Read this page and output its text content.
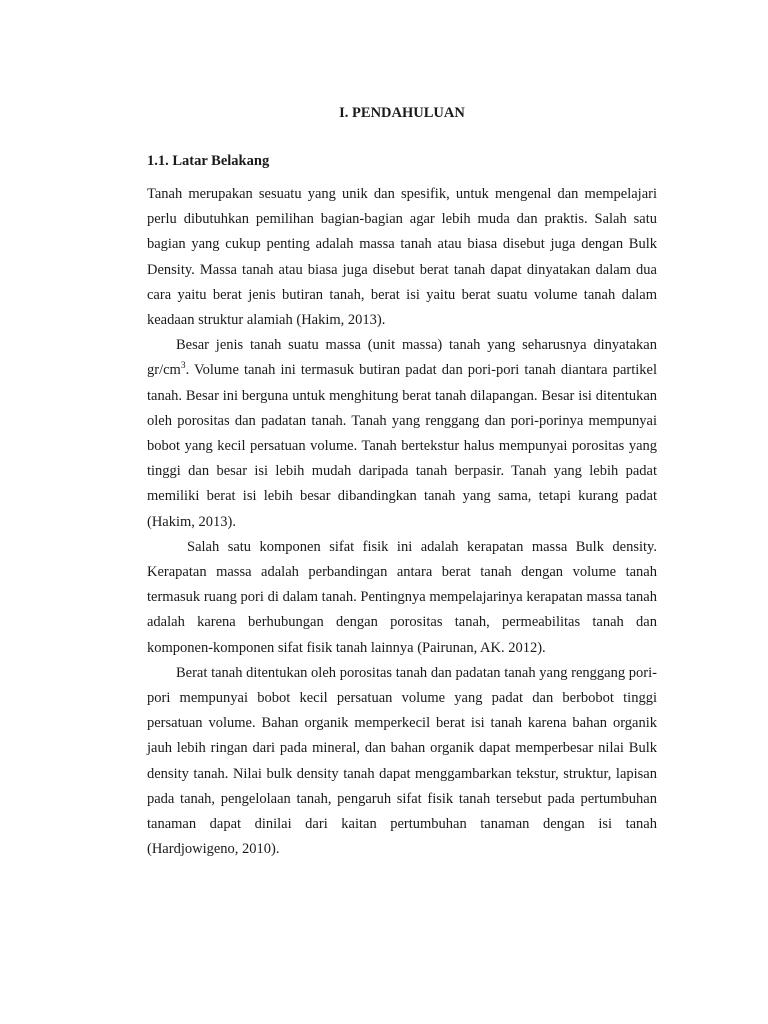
I. PENDAHULUAN
1.1. Latar Belakang

Tanah merupakan sesuatu yang unik dan spesifik, untuk mengenal dan mempelajari perlu dibutuhkan pemilihan bagian-bagian agar lebih muda dan praktis. Salah satu bagian yang cukup penting adalah massa tanah atau biasa disebut juga dengan Bulk Density. Massa tanah atau biasa juga disebut berat tanah dapat dinyatakan dalam dua cara yaitu berat jenis butiran tanah, berat isi yaitu berat suatu volume tanah dalam keadaan struktur alamiah (Hakim, 2013).

Besar jenis tanah suatu massa (unit massa) tanah yang seharusnya dinyatakan $gr/cm^3$. Volume tanah ini termasuk butiran padat dan pori-pori tanah diantara partikel tanah. Besar ini berguna untuk menghitung berat tanah dilapangan. Besar isi ditentukan oleh porositas dan padatan tanah. Tanah yang renggang dan pori-porinya mempunyai bobot yang kecil persatuan volume. Tanah bertekstur halus mempunyai porositas yang tinggi dan besar isi lebih mudah daripada tanah berpasir. Tanah yang lebih padat memiliki berat isi lebih besar dibandingkan tanah yang sama, tetapi kurang padat (Hakim, 2013).

Salah satu komponen sifat fisik ini adalah kerapatan massa Bulk density. Kerapatan massa adalah perbandingan antara berat tanah dengan volume tanah termasuk ruang pori di dalam tanah. Pentingnya mempelajarinya kerapatan massa tanah adalah karena berhubungan dengan porositas tanah, permeabilitas tanah dan komponen-komponen sifat fisik tanah lainnya (Pairunan, AK. 2012).

Berat tanah ditentukan oleh porositas tanah dan padatan tanah yang renggang pori-pori mempunyai bobot kecil persatuan volume yang padat dan berbobot tinggi persatuan volume. Bahan organik memperkecil berat isi tanah karena bahan organik jauh lebih ringan dari pada mineral, dan bahan organik dapat memperbesar nilai Bulk density tanah. Nilai bulk density tanah dapat menggambarkan tekstur, struktur, lapisan pada tanah, pengelolaan tanah, pengaruh sifat fisik tanah tersebut pada pertumbuhan tanaman dapat dinilai dari kaitan pertumbuhan tanaman dengan isi tanah (Hardjowigeno, 2010).
